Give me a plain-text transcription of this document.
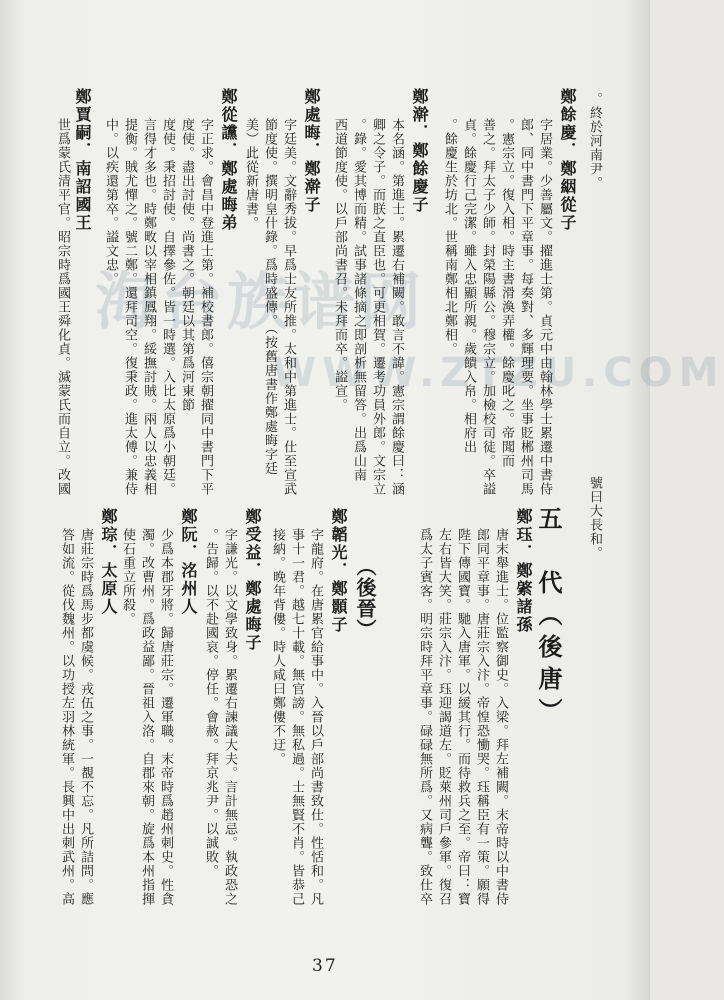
海台族谱网
WWW.ZTZU.COM
。終於河南尹。
鄭餘慶．鄭絪從子
字居業。少善屬文。擢進士第。貞元中由翰林學士累遷中書侍
郎、同中書門下平章事。每奏對、多輝理要。坐事貶郴州司馬
。憲宗立。復入相。時主書滑渙弄權。餘慶叱之。帝聞而
善之。拜太子少師。封榮陽縣公。穆宗立。加檢校司徒。卒謚
貞。餘慶行己完潔。雖入忠顯所親。歲饋入帛。相府出
。餘慶生於坊北。世稱南鄭相北鄭相。
鄭澣．鄭餘慶子
本名涵。第進士。累遷右補闕。敢言不諱。憲宗謂餘慶曰：涵
卿之令子。而朕之直臣也。可更相賀。遷考功員外郎。文宗立
。錄。愛其博而精。試事諸條摘之即剖析無留答。出爲山南
西道節度使。以戶部尚書召。未拜而卒。謚宣。
鄭處晦．鄭澣子
字廷美。文辭秀拔。早爲士友所推。太和中第進士。仕至宣武
節度使。撰明皇什錄。爲時盛傳。（按舊唐書作鄭處晦字廷
美）此從新唐書。
鄭從讜．鄭處晦弟
字正求。會昌中登進士第。補校書郎。僖宗朝擢同中書門下平
度使。盡出討使。尚書之。朝廷以其第爲河東節
度使。秉招討使。自擇參佐。皆一時選。入比太原爲小朝廷。
言得才多也。時鄭畋以宰相鎮鳳翔。綏撫討賊。兩人以忠義相
提衡。賊尤憚之。號二鄭。還拜司空。復秉政。進太傅。兼侍
中。以疾還第卒。謚文忠。
鄭賈嗣．南詔國王
世爲蒙氏清平官。昭宗時爲國王舜化貞。滅蒙氏而自立。改國
號曰大長和。
五　代（後唐）
鄭珏．鄭綮諸孫
唐末舉進士。位監察御史。入梁。拜左補闕。末帝時以中書侍
郎同平章事。唐莊宗入汴。帝惶恐慟哭。珏稱臣有一策。願得
陛下傳國寶。馳入唐軍。以緩其行。而待救兵之至。帝曰：寶
左右皆大笑。莊宗入汴。珏迎謁道左。貶萊州司戶參軍。復召
爲太子賓客。明宗時拜平章事。碌碌無所爲。又病聾。致仕卒
（後晉）
鄭韜光．鄭顥子
字龍府。在唐累官給事中。入晉以戶部尚書致仕。性恬和。凡
事十一君。越七十載。無官謗。無私過。士無賢不肖。皆恭己
接納。晚年背僂。時人咸曰鄭僂不迂。
鄭受益．鄭處晦子
字謙光。以文學致身。累遷右諫議大夫。言計無忌。執政恐之
。告歸。以不赴國哀。停任。會赦。拜京兆尹。以誠敗。
鄭阮．洺州人
少爲本郡牙將。歸唐莊宗。遷軍職。末帝時爲趙州刺史。性貪
濁。改曹州。爲政益鄙。晉祖入洛。自郡來朝。旋爲本州指揮
使石重立所殺。
鄭琮．太原人
唐莊宗時爲馬步都虞候。戎伍之事。一覩不忘。凡所詰問。應
答如流。從伐魏州。以功授左羽林統軍。長興中出刺武州。高
37
